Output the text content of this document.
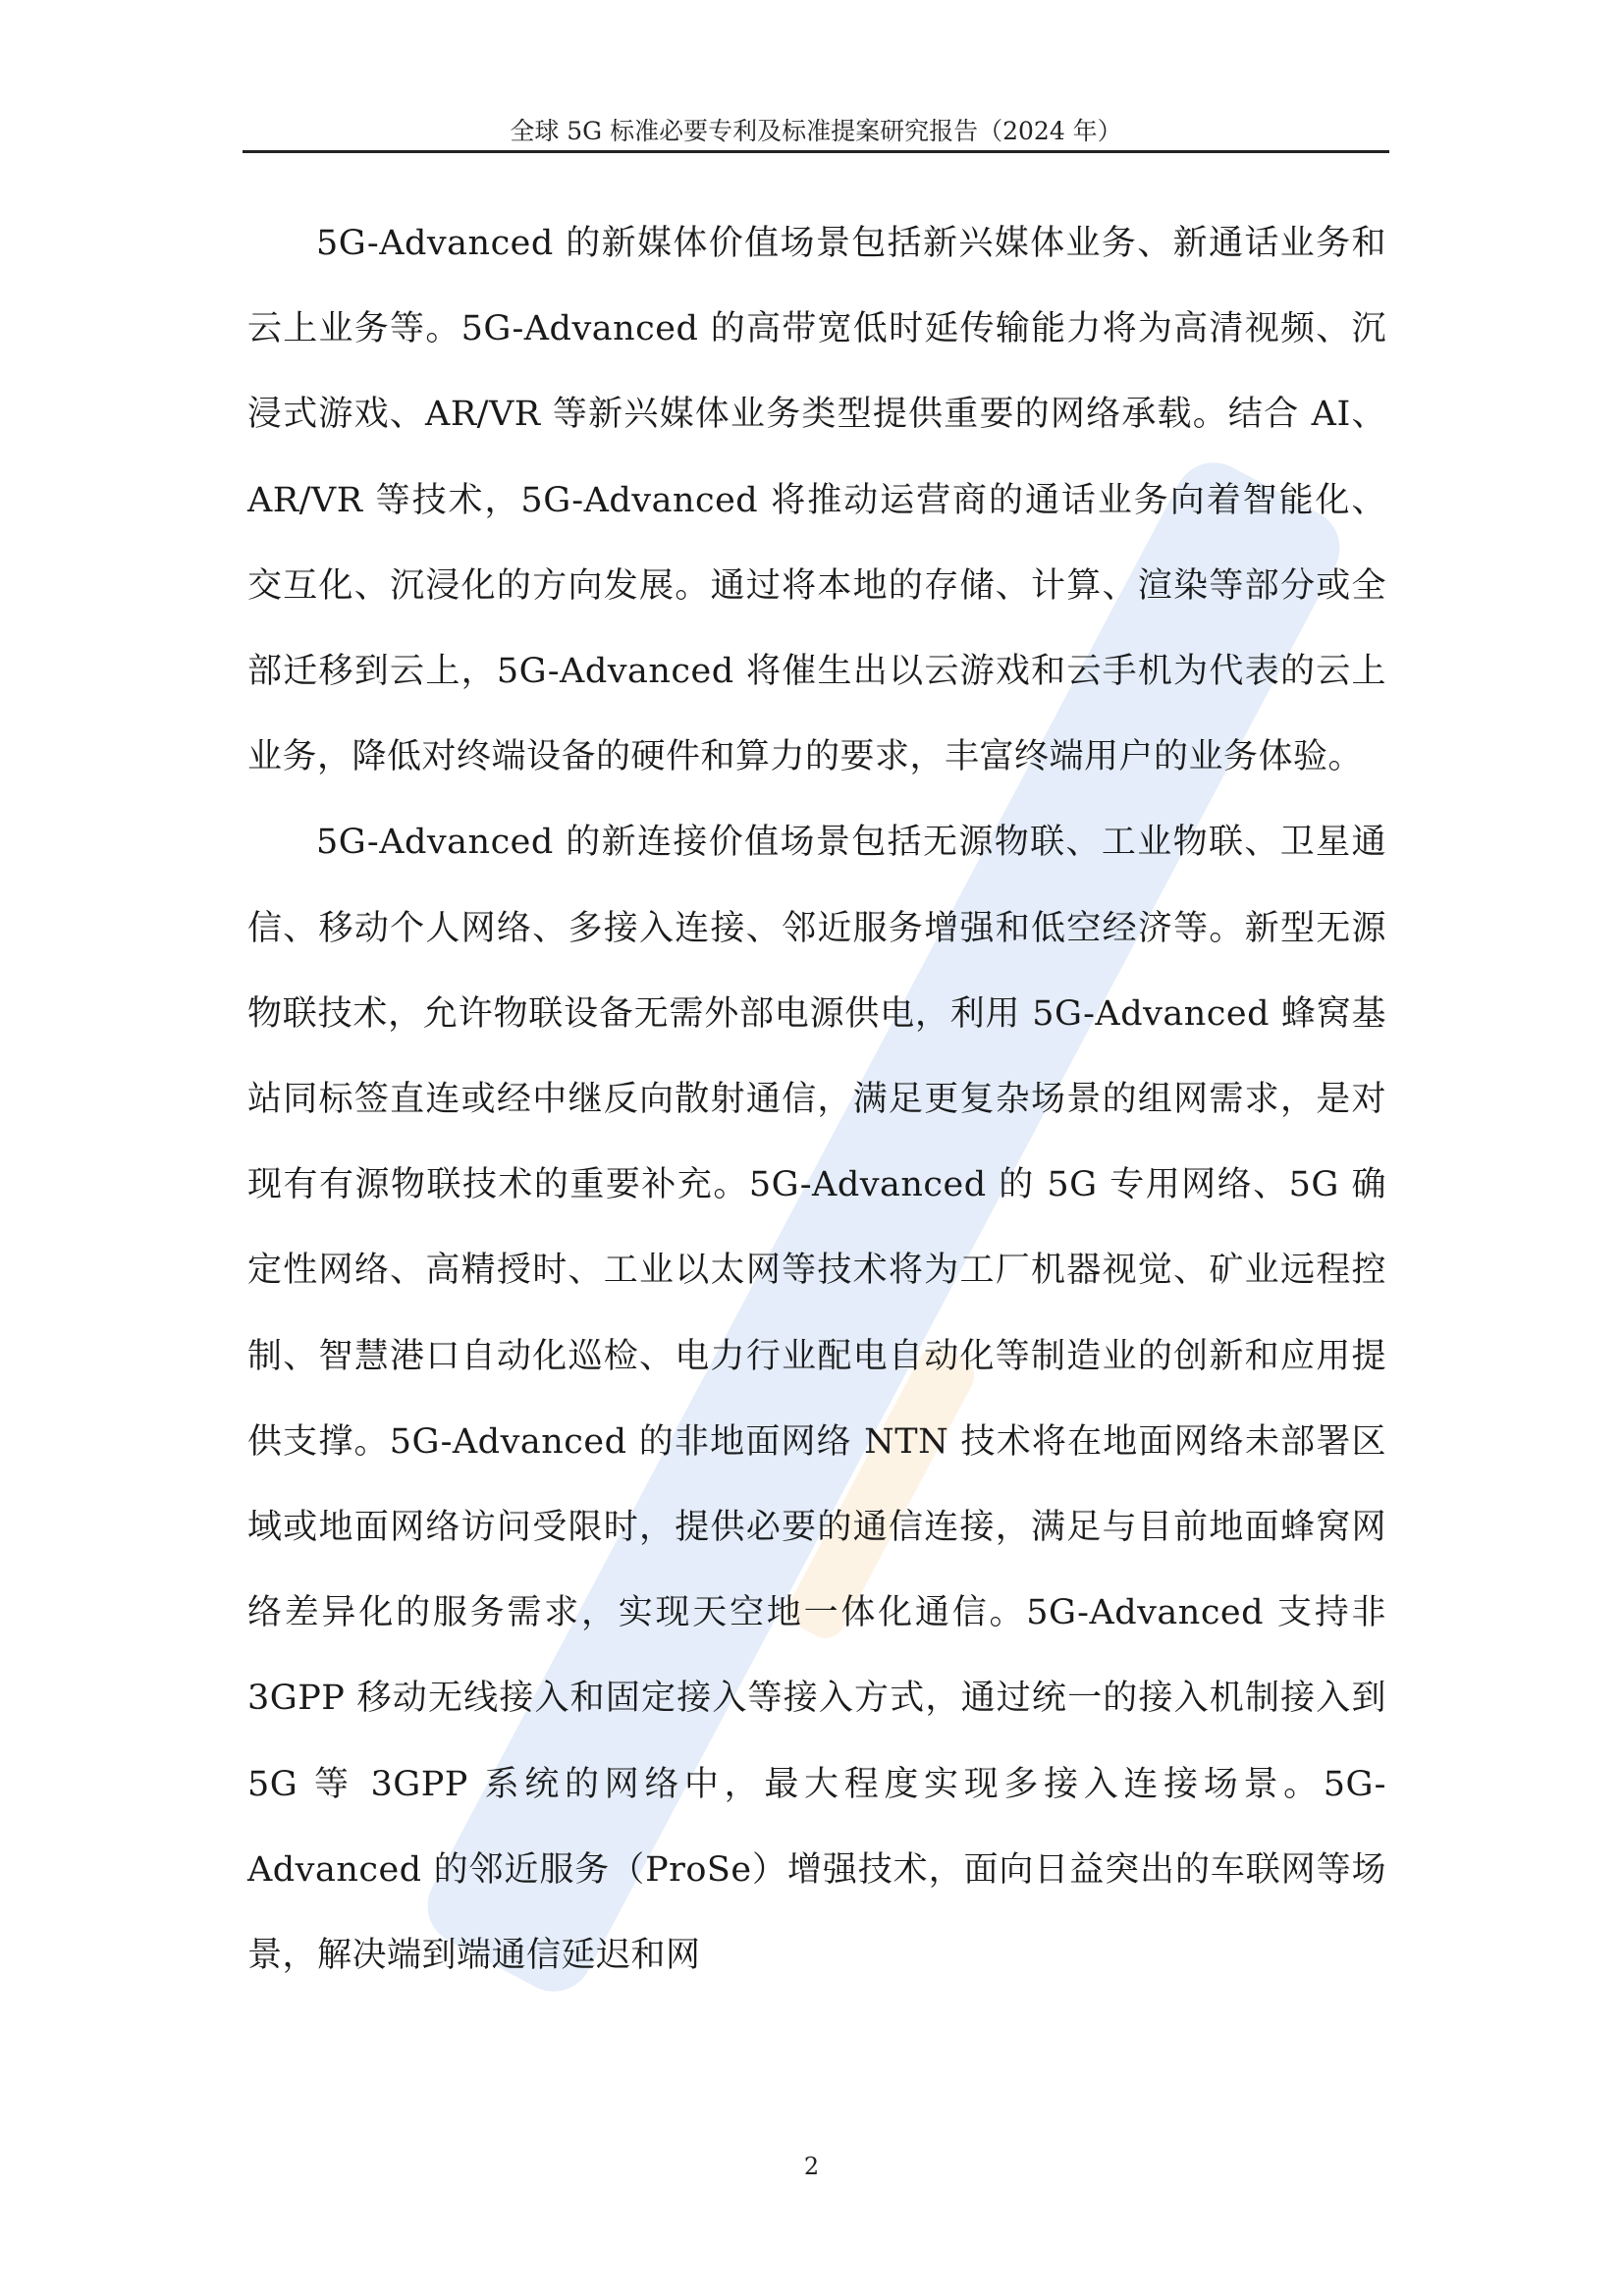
全球 5G 标准必要专利及标准提案研究报告（2024 年）

5G-Advanced 的新媒体价值场景包括新兴媒体业务、新通话业务和云上业务等。5G-Advanced 的高带宽低时延传输能力将为高清视频、沉浸式游戏、AR/VR 等新兴媒体业务类型提供重要的网络承载。结合 AI、AR/VR 等技术，5G-Advanced 将推动运营商的通话业务向着智能化、交互化、沉浸化的方向发展。通过将本地的存储、计算、渲染等部分或全部迁移到云上，5G-Advanced 将催生出以云游戏和云手机为代表的云上业务，降低对终端设备的硬件和算力的要求，丰富终端用户的业务体验。

5G-Advanced 的新连接价值场景包括无源物联、工业物联、卫星通信、移动个人网络、多接入连接、邻近服务增强和低空经济等。新型无源物联技术，允许物联设备无需外部电源供电，利用 5G-Advanced 蜂窝基站同标签直连或经中继反向散射通信，满足更复杂场景的组网需求，是对现有有源物联技术的重要补充。5G-Advanced 的 5G 专用网络、5G 确定性网络、高精授时、工业以太网等技术将为工厂机器视觉、矿业远程控制、智慧港口自动化巡检、电力行业配电自动化等制造业的创新和应用提供支撑。5G-Advanced 的非地面网络 NTN 技术将在地面网络未部署区域或地面网络访问受限时，提供必要的通信连接，满足与目前地面蜂窝网络差异化的服务需求，实现天空地一体化通信。5G-Advanced 支持非 3GPP 移动无线接入和固定接入等接入方式，通过统一的接入机制接入到 5G 等 3GPP 系统的网络中，最大程度实现多接入连接场景。5G-Advanced 的邻近服务（ProSe）增强技术，面向日益突出的车联网等场景，解决端到端通信延迟和网

2
